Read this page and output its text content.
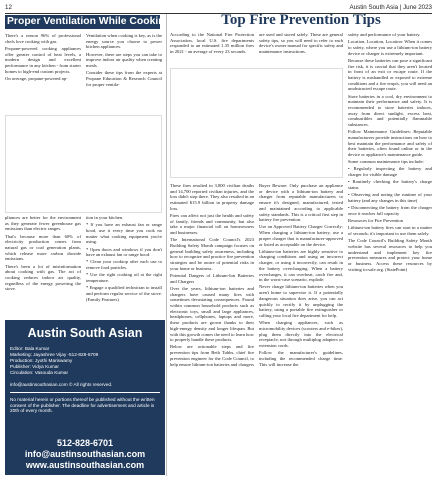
12	Austin South Asia | June 2023
Proper Ventilation While Cooking

There's a reason 96% of professional chefs love cooking with gas.

Propane-powered cooking appliances offer greater control of heat levels, a modern design and excellent performance in any kitchen - from starter homes to high-end custom projects.

On average, propane-powered ap-

Ventilation when cooking is key, as is the energy source you choose to power kitchen appliances.

However, there are steps you can take to improve indoor air quality when creating meals.

Consider these tips from the experts at Propane Education & Research Council for proper ventila-

pliances are better for the environment as they generate fewer greenhouse gas emissions than electric ranges.

That's because more than 60% of electricity production comes from natural gas or coal generation plants, which release more carbon dioxide emissions.

There's been a lot of misinformation about cooking with gas. The act of cooking reduces indoor air quality, regardless of the energy powering the stove.

tion in your kitchen.

* If you have an exhaust fan or range hood, use it every time you cook no matter what cooking equipment you're using.

* Open doors and windows if you don't have an exhaust fan or range hood.

* Clean your cooktop after each use to remove food particles.

* Use the right cooking oil at the right temperature.

* Engage a qualified technician to install and perform regular service of the stove. (Family Features)

Austin South Asian
Editor: Bala Kumar
Marketing: Jayashree Vijay -512-828-6709
Production: Jyothi Mariswamy
Publisher: Vidya Kumar
Circulation: Vasouda Kumar
info@austinsouthasian.com © All rights reserved.
No material herein or portions thereof be published without the written consent of the publisher. The deadline for advertisement and article is 20th of every month.
512-828-6701
info@austinsouthasian.com
www.austinsouthasian.com
Top Fire Prevention Tips

According to the National Fire Protection Association, local U.S. fire departments responded to an estimated 1.35 million fires in 2021 - an average of every 23 seconds.

are used and stored safely. These are general safety tips, so you will need to refer to each device's owner manual for specific safety and maintenance instructions.

These fires resulted in 3,800 civilian deaths and 14,700 reported civilian injuries, and the loss didn't stop there. They also resulted in an estimated $15.9 billion in property damage loss.

Fires can affect not just the health and safety of family, friends and community, but also take a major financial toll on homeowners and businesses.

The International Code Council's 2023 Building Safety Month campaign focuses on general building safety awareness, including how to recognize and practice fire prevention strategies and be aware of potential risks in your home or business.

Potential Dangers of Lithium-Ion Batteries and Chargers

Over the years, lithium-ion batteries and chargers have caused many fires with sometimes devastating consequences. Found within common household products such as electronic toys, small and large appliances, headphones, cellphones, laptops and more, these products are grown thanks to their high-energy density and longer lifespan. But with this growth comes the need to learn how to properly handle these products.

Below are actionable steps and fire prevention tips from Beth Tubbs, chief fire prevention engineer for the Code Council, to help ensure lithium-ion batteries and chargers

Buyer Beware: Only purchase an appliance or device with a lithium-ion battery and charger from reputable manufacturers to ensure it's designed, manufactured, tested and maintained according to applicable safety standards. This is a critical first step in battery fire prevention.

Use an Approved Battery Charger Correctly: When charging a lithium-ion battery, use a proper charger that is manufacturer-approved or listed as acceptable on the device.

Lithium-ion batteries are highly sensitive to charging conditions and using an incorrect charger, or using it incorrectly, can result in the battery overcharging. When a battery overcharges, it can overheat, catch fire and, in the worst-case scenario, explode.

Never charge lithium-ion batteries when you aren't home to supervise it. If a potentially dangerous situation does arise, you can act quickly to rectify it by unplugging the battery, using a portable fire extinguisher or calling your local fire department for help.

When charging appliances, such as micromobility devices (scooters and e-bikes), plug them directly into the electrical receptacle, not through multiplug adapters or extension cords.

Follow the manufacturer's guidelines, including the recommended charge time. This will increase the

safety and performance of your battery.

Location, Location, Location: When it comes to safety, where you use a lithium-ion battery device or charger is extremely important.

Because these batteries can pose a significant fire risk, it is crucial that they aren't located in front of an exit or escape route. If the battery is mishandled or exposed to extreme conditions and a fire erupts, you will need an unobstructed escape route.

Store batteries in a cool, dry environment to maintain their performance and safety. It is recommended to store batteries indoors, away from direct sunlight, excess heat, combustibles and potentially flammable substances.

Follow Maintenance Guidelines: Reputable manufacturers provide instructions on how to best maintain the performance and safety of their batteries, often found online or in the device or appliance's maintenance guide.

Some common maintenance tips include:

• Regularly inspecting the battery and charger for visible damage

• Routinely checking the battery's charge status

• Observing and noting the runtime of your battery (and any changes in this time)

• Disconnecting the battery from the charger once it reaches full capacity

Resources for Fire Prevention

Lithium-ion battery fires can start in a matter of seconds; it's important to use them safely.

The Code Council's Building Safety Month website has several resources to help you understand and implement key fire prevention measures and protect your home or business. Access these resources by visiting iccsafe.org. (StatePoint)
